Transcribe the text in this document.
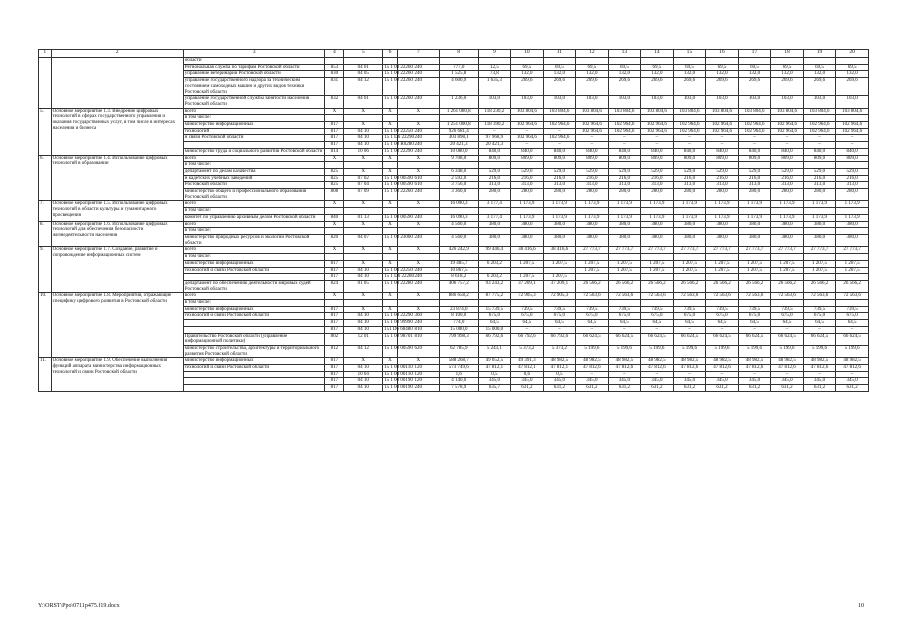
1	2	3	4	5	6	7	8	9	10	11	12	13	14	15	16	17	18	19	20
		области																	
		Региональная служба по тарифам Ростовской области	853	04 01	15 1 00 22260	240	777,0	12,5	69,5	69,5	69,5	69,5	69,5	69,5	69,5	69,5	69,5	69,5	69,5
		управление ветеринарии Ростовской области	830	04 05	15 1 00 22260	240	1 525,8	73,8	132,0	132,0	132,0	132,0	132,0	132,0	132,0	132,0	132,0	132,0	132,0
		управление государственного надзора за техническим состоянием самоходных машин и других видов техники Ростовской области	831	04 12	15 1 00 22260	240	4 600,9	1 635,3	269,6	269,6	269,6	269,6	269,6	269,6	269,6	269,6	269,6	269,6	269,6
		управление государственной службы занятости населения Ростовской области	832	04 01	15 1 00 22260	240	1 236,0	103,0	103,0	103,0	103,0	103,0	103,0	103,0	103,0	103,0	103,0	103,0	103,0
5.	Основное мероприятие 1.3. Внедрение цифровых технологий в сферах государственного управления и оказания государственных услуг, в том числе в интересах населения и бизнеса	всего	X	X	X	X	1 261 080,8	118 230,2	103 804,6	103 804,6	103 804,6	103 804,6	103 804,6	103 804,6	103 804,6	103 804,6	103 804,6	103 804,6	103 804,6
		в том числе:																	
		министерство информационных	817	X	X	X	1 251 000,8	118 390,2	102 964,6	102 964,6	102 964,6	102 964,6	102 964,6	102 964,6	102 964,6	102 964,6	102 964,6	102 964,6	102 964,6
		технологий	817	04 10	15 1 00 22250	240	926 681,4	–	–	–	102 964,6	102 964,6	102 964,6	102 964,6	102 964,6	102 964,6	102 964,6	102 964,6	102 964,6
		и связи Ростовской области	817	04 10	15 1 D6 22290	240	303 898,1	97 968,9	102 964,6	102 964,6	–	–	–	–	–	–	–	–	–
			817	04 10	15 1 00 R0280	240	20 421,3	20 421,3	–	–	–	–	–	–	–	–	–	–	–
		министерство труда и социального развития Ростовской области	814	10 06	15 1 00 22290	240	10 080,0	840,0	840,0	840,0	840,0	840,0	840,0	840,0	840,0	840,0	840,0	840,0	840,0
6.	Основное мероприятие 1.4. Использование цифровых технологий в образовании	всего	X	X	X	X	9 708,0	809,0	809,0	809,0	809,0	809,0	809,0	809,0	809,0	809,0	809,0	809,0	809,0
		в том числе:																	
		департамент по делам казачества	825	X	X	X	6 348,0	529,0	529,0	529,0	529,0	529,0	529,0	529,0	529,0	529,0	529,0	529,0	529,0
		и кадетских учебных заведений	825	07 02	15 1 00 00590	610	2 592,0	216,0	216,0	216,0	216,0	216,0	216,0	216,0	216,0	216,0	216,0	216,0	216,0
		Ростовской области	825	07 04	15 1 00 00590	610	3 756,0	313,0	313,0	313,0	313,0	313,0	313,0	313,0	313,0	313,0	313,0	313,0	313,0
		министерство общего и профессионального образования Ростовской области	808	07 09	15 1 00 22260	240	3 360,0	280,0	280,0	280,0	280,0	280,0	280,0	280,0	280,0	280,0	280,0	280,0	280,0
7.	Основное мероприятие 1.5. Использование цифровых технологий в области культуры и гуманитарного просвещения	всего	X	X	X	X	16 090,3	3 177,4	1 173,9	1 173,9	1 173,9	1 173,9	1 173,9	1 173,9	1 173,9	1 173,9	1 173,9	1 173,9	1 173,9
		в том числе:																	
		комитет по управлению архивным делом Ростовской области	840	01 13	15 1 00 00590	240	16 090,3	3 177,4	1 173,9	1 173,9	1 173,9	1 173,9	1 173,9	1 173,9	1 173,9	1 173,9	1 173,9	1 173,9	1 173,9
8.	Основное мероприятие 1.6. Использование цифровых технологий для обеспечения безопасности жизнедеятельности населения	всего	X	X	X	X	4 560,0	380,0	380,0	380,0	380,0	380,0	380,0	380,0	380,0	380,0	380,0	380,0	380,0
		в том числе:																	
		министерство природных ресурсов и экологии Ростовской области	820	04 07	15 1 00 23000	240	4 560,0	380,0	380,0	380,0	380,0	380,0	380,0	380,0	380,0	380,0	380,0	380,0	380,0
9.	Основное мероприятие 1.7. Создание, развитие и сопровождение информационных систем	всего	X	X	X	X	426 242,9	99 446,4	38 416,6	38 416,6	27 773,7	27 773,7	27 773,7	27 773,7	27 773,7	27 773,7	27 773,7	27 773,7	27 773,7
		в том числе:																	
		министерство информационных	817	X	X	X	19 485,7	6 203,2	1 207,5	1 207,5	1 207,5	1 207,5	1 207,5	1 207,5	1 207,5	1 207,5	1 207,5	1 207,5	1 207,5
		технологий и связи Ростовской области	817	04 10	15 1 00 22250	240	10 867,5				1 207,5	1 207,5	1 207,5	1 207,5	1 207,5	1 207,5	1 207,5	1 207,5	1 207,5
			817	04 10	15 1 D6 22280	240	8 618,2	6 203,2	1 207,5	1 207,5									
		департамент по обеспечению деятельности мировых судей Ростовской области	824	01 05	15 1 00 22280	240	406 757,2	93 243,2	37 209,1	37 209,1	26 566,2	26 566,2	26 566,2	26 566,2	26 566,2	26 566,2	26 566,2	26 566,2	26 566,2
10.	Основное мероприятие 1.8. Мероприятия, отражающие специфику цифрового развития в Ростовской области	всего	X	X	X	X	886 658,2	87 775,2	72 905,3	72 905,3	72 563,6	72 563,6	72 563,6	72 563,6	72 563,6	72 563,6	72 563,6	72 563,6	72 563,6
		в том числе:																	
		министерство информационных	817	X	X	X	23 874,0	15 739,5	739,5	739,5	739,5	739,5	739,5	739,5	739,5	739,5	739,5	739,5	739,5
		технологий и связи Ростовской области	817	04 10	15 1 00 22290	360	8 100,0	675,0	675,0	675,0	675,0	675,0	675,0	675,0	675,0	675,0	675,0	675,0	675,0
			817	04 10	15 1 00 99990	240	774,0	64,5	64,5	64,5	64,5	64,5	64,5	64,5	64,5	64,5	64,5	64,5	64,5
			817	04 10	151 D6 68480	810	15 000,0	15 000,0	–	–	–	–	–	–	–	–	–	–	–
		Правительство Ростовской области (управление информационной политики)	802	12 01	15 1 00 98701	810	799 998,3	66 792,6	66 792,6	66 792,6	66 624,5	66 624,5	66 624,5	66 624,5	66 624,5	66 624,5	66 624,5	66 624,5	66 624,5
		министерство строительства, архитектуры и территориального развития Ростовской области	812	04 12	15 1 00 00590	620	62 785,9	5 243,1	5 373,2	5 373,2	5 199,6	5 199,6	5 199,6	5 199,6	5 199,6	5 199,6	5 199,6	5 199,6	5 199,6
11.	Основное мероприятие 1.9. Обеспечение выполнения функций аппарата министерства информационных технологий и связи Ростовской области	министерство информационных	817	X	X	X	588 268,7	49 052,5	49 391,3	48 982,5	48 982,5	48 982,5	48 982,5	48 982,5	48 982,5	48 982,5	48 982,5	48 982,5	48 982,5
		технологий и связи Ростовской области	817	04 10	15 1 00 00110	120	573 749,6	47 812,1	47 812,1	47 812,1	47 812,6	47 812,6	47 812,6	47 812,6	47 812,6	47 812,6	47 812,6	47 812,6	47 812,6
			817	10 04	15 1 00 00110	120	1,6	0,5	0,6	0,5	–	–	–	–	–	–	–	–	–
			817	04 10	15 1 00 00190	120	4 140,0	345,0	345,0	345,0	345,0	345,0	345,0	345,0	345,0	345,0	345,0	345,0	345,0
			817	04 10	15 1 00 00190	240	7 578,9	635,7	631,2	631,2	631,2	631,2	631,2	631,2	631,2	631,2	631,2	631,2	631,2
Y:\ORST\Ppo\0711p475.f19.docx	10
